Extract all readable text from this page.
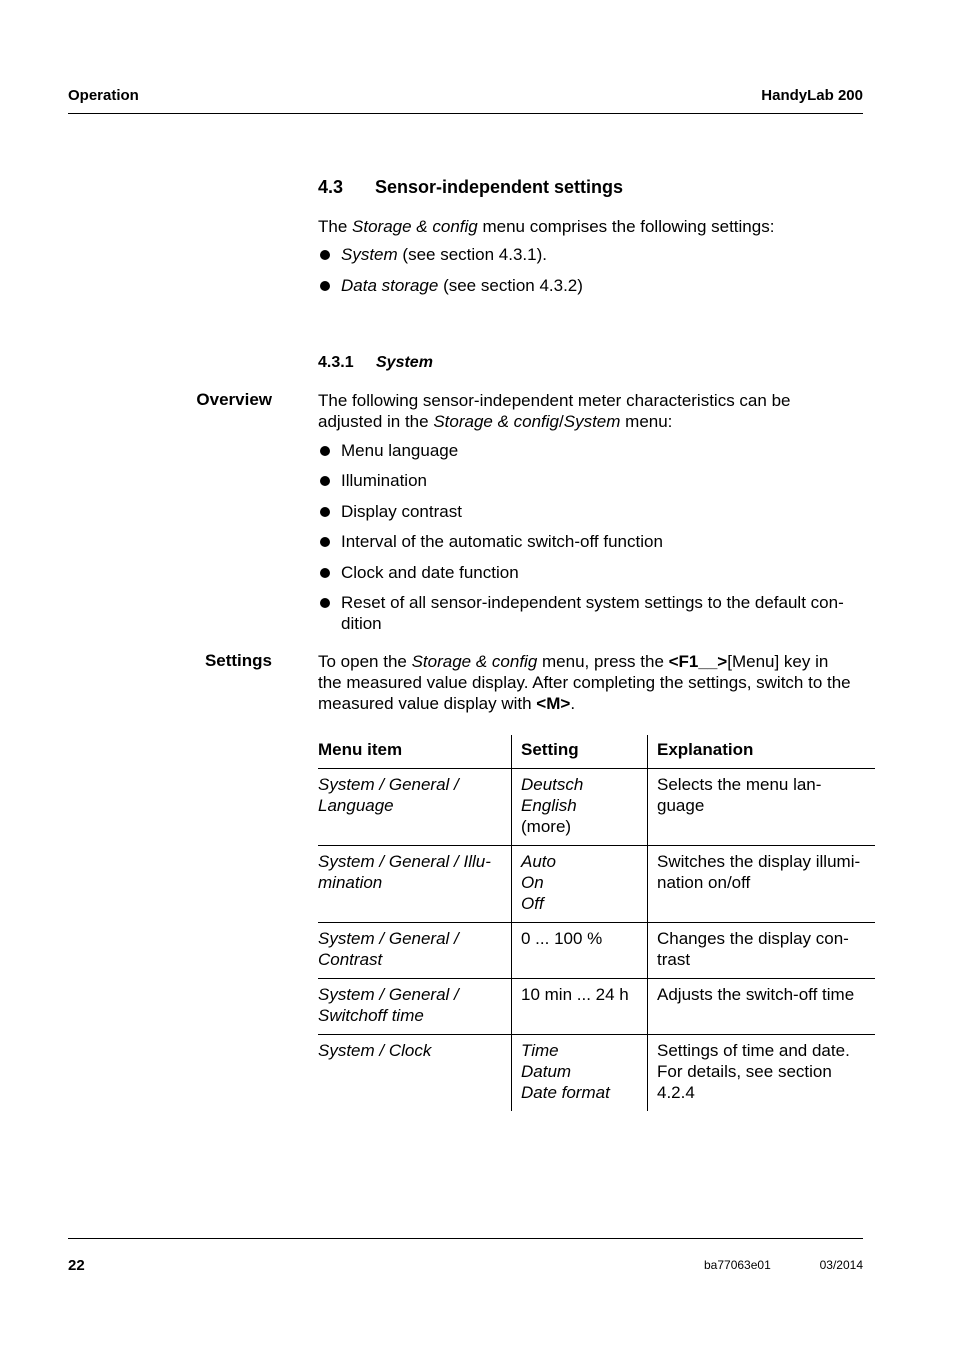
Operation	HandyLab 200
4.3 Sensor-independent settings
The Storage & config menu comprises the following settings:
System (see section 4.3.1).
Data storage (see section 4.3.2)
4.3.1 System
Overview	The following sensor-independent meter characteristics can be
adjusted in the Storage & config/System menu:
Menu language
Illumination
Display contrast
Interval of the automatic switch-off function
Clock and date function
Reset of all sensor-independent system settings to the default con-
dition
Settings	To open the Storage & config menu, press the <F1__>[Menu] key in
the measured value display. After completing the settings, switch to the
measured value display with <M>.
Menu item	Setting	Explanation

System / General /
Language	Deutsch
English
(more)	Selects the menu lan-
guage

System / General / Illu-
mination	Auto
On
Off	Switches the display illumi-
nation on/off

System / General /
Contrast	0 ... 100 %	Changes the display con-
trast

System / General /
Switchoff time	10 min ... 24 h	Adjusts the switch-off time

System / Clock	Time
Datum
Date format	Settings of time and date.
For details, see section
4.2.4
22	ba77063e01	03/2014
